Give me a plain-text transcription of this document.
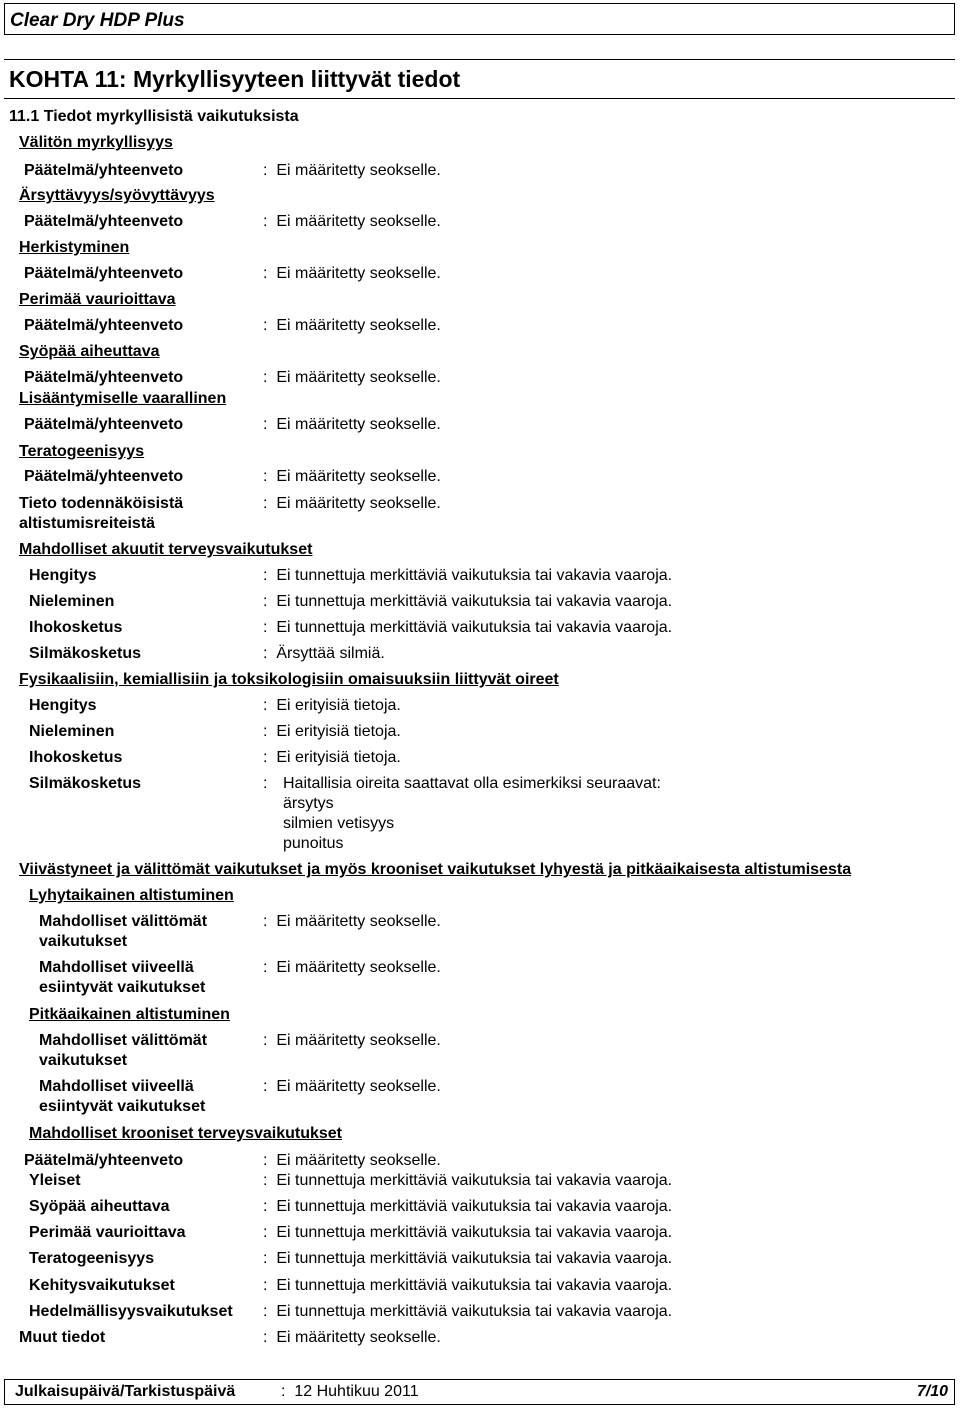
Clear Dry HDP Plus
KOHTA 11: Myrkyllisyyteen liittyvät tiedot
11.1 Tiedot myrkyllisistä vaikutuksista
Välitön myrkyllisyys
Päätelmä/yhteenveto	: Ei määritetty seokselle.
Ärsyttävyys/syövyttävyys
Päätelmä/yhteenveto	: Ei määritetty seokselle.
Herkistyminen
Päätelmä/yhteenveto	: Ei määritetty seokselle.
Perimää vaurioittava
Päätelmä/yhteenveto	: Ei määritetty seokselle.
Syöpää aiheuttava
Päätelmä/yhteenveto	: Ei määritetty seokselle.
Lisääntymiselle vaarallinen
Päätelmä/yhteenveto	: Ei määritetty seokselle.
Teratogeenisyys
Päätelmä/yhteenveto	: Ei määritetty seokselle.
Tieto todennäköisistä altistumisreiteistä
: Ei määritetty seokselle.
Mahdolliset akuutit terveysvaikutukset
Hengitys	: Ei tunnettuja merkittäviä vaikutuksia tai vakavia vaaroja.
Nieleminen	: Ei tunnettuja merkittäviä vaikutuksia tai vakavia vaaroja.
Ihokosketus	: Ei tunnettuja merkittäviä vaikutuksia tai vakavia vaaroja.
Silmäkosketus	: Ärsyttää silmiä.
Fysikaalisiin, kemiallisiin ja toksikologisiin omaisuuksiin liittyvät oireet
Hengitys	: Ei erityisiä tietoja.
Nieleminen	: Ei erityisiä tietoja.
Ihokosketus	: Ei erityisiä tietoja.
Silmäkosketus	: Haitallisia oireita saattavat olla esimerkiksi seuraavat:
ärsytys
silmien vetisyys
punoitus
Viivästyneet ja välittömät vaikutukset ja myös krooniset vaikutukset lyhyestä ja pitkäaikaisesta altistumisesta
Lyhytaikainen altistuminen
Mahdolliset välittömät vaikutukset
: Ei määritetty seokselle.
Mahdolliset viiveellä esiintyvät vaikutukset
: Ei määritetty seokselle.
Pitkäaikainen altistuminen
Mahdolliset välittömät vaikutukset
: Ei määritetty seokselle.
Mahdolliset viiveellä esiintyvät vaikutukset
: Ei määritetty seokselle.
Mahdolliset krooniset terveysvaikutukset
Päätelmä/yhteenveto	: Ei määritetty seokselle.
Yleiset	: Ei tunnettuja merkittäviä vaikutuksia tai vakavia vaaroja.
Syöpää aiheuttava	: Ei tunnettuja merkittäviä vaikutuksia tai vakavia vaaroja.
Perimää vaurioittava	: Ei tunnettuja merkittäviä vaikutuksia tai vakavia vaaroja.
Teratogeenisyys	: Ei tunnettuja merkittäviä vaikutuksia tai vakavia vaaroja.
Kehitysvaikutukset	: Ei tunnettuja merkittäviä vaikutuksia tai vakavia vaaroja.
Hedelmällisyysvaikutukset : Ei tunnettuja merkittäviä vaikutuksia tai vakavia vaaroja.
Muut tiedot	: Ei määritetty seokselle.
Julkaisupäivä/Tarkistuspäivä	: 12 Huhtikuu 2011	7/10
